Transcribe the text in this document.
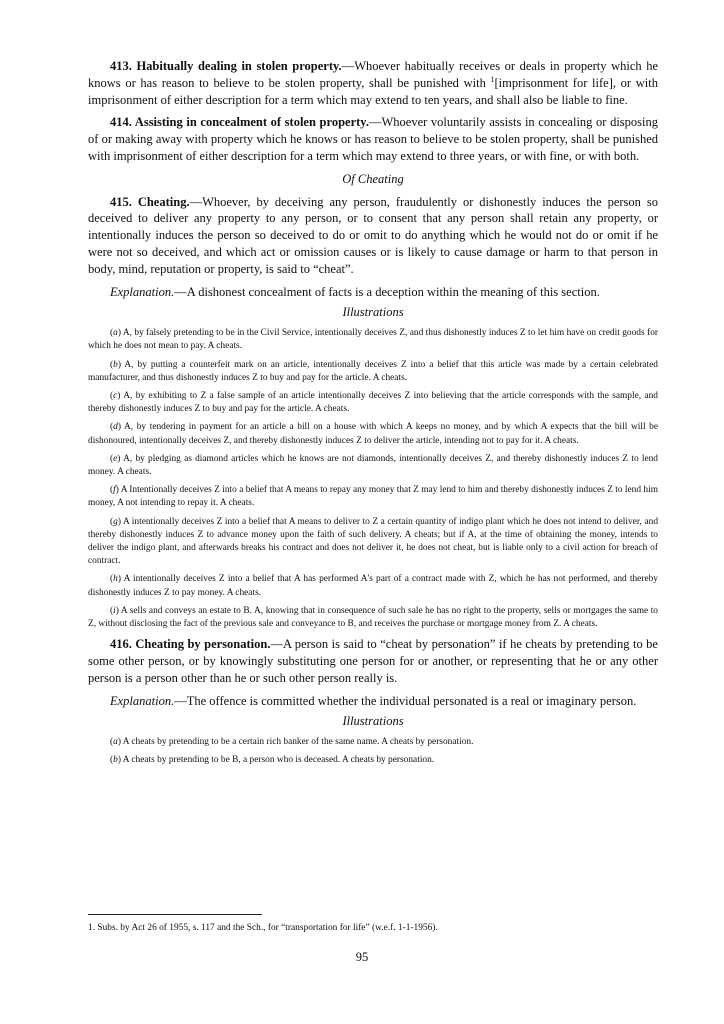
413. Habitually dealing in stolen property.—Whoever habitually receives or deals in property which he knows or has reason to believe to be stolen property, shall be punished with $^1$[imprisonment for life], or with imprisonment of either description for a term which may extend to ten years, and shall also be liable to fine.

414. Assisting in concealment of stolen property.—Whoever voluntarily assists in concealing or disposing of or making away with property which he knows or has reason to believe to be stolen property, shall be punished with imprisonment of either description for a term which may extend to three years, or with fine, or with both.

Of Cheating

415. Cheating.—Whoever, by deceiving any person, fraudulently or dishonestly induces the person so deceived to deliver any property to any person, or to consent that any person shall retain any property, or intentionally induces the person so deceived to do or omit to do anything which he would not do or omit if he were not so deceived, and which act or omission causes or is likely to cause damage or harm to that person in body, mind, reputation or property, is said to “cheat”.

Explanation.—A dishonest concealment of facts is a deception within the meaning of this section.

Illustrations

(a) A, by falsely pretending to be in the Civil Service, intentionally deceives Z, and thus dishonestly induces Z to let him have on credit goods for which he does not mean to pay. A cheats.

(b) A, by putting a counterfeit mark on an article, intentionally deceives Z into a belief that this article was made by a certain celebrated manufacturer, and thus dishonestly induces Z to buy and pay for the article. A cheats.

(c) A, by exhibiting to Z a false sample of an article intentionally deceives Z into believing that the article corresponds with the sample, and thereby dishonestly induces Z to buy and pay for the article. A cheats.

(d) A, by tendering in payment for an article a bill on a house with which A keeps no money, and by which A expects that the bill will be dishonoured, intentionally deceives Z, and thereby dishonestly induces Z to deliver the article, intending not to pay for it. A cheats.

(e) A, by pledging as diamond articles which he knows are not diamonds, intentionally deceives Z, and thereby dishonestly induces Z to lend money. A cheats.

(f) A Intentionally deceives Z into a belief that A means to repay any money that Z may lend to him and thereby dishonestly induces Z to lend him money, A not intending to repay it. A cheats.

(g) A intentionally deceives Z into a belief that A means to deliver to Z a certain quantity of indigo plant which he does not intend to deliver, and thereby dishonestly induces Z to advance money upon the faith of such delivery. A cheats; but if A, at the time of obtaining the money, intends to deliver the indigo plant, and afterwards breaks his contract and does not deliver it, he does not cheat, but is liable only to a civil action for breach of contract.

(h) A intentionally deceives Z into a belief that A has performed A's part of a contract made with Z, which he has not performed, and thereby dishonestly induces Z to pay money. A cheats.

(i) A sells and conveys an estate to B. A, knowing that in consequence of such sale he has no right to the property, sells or mortgages the same to Z, without disclosing the fact of the previous sale and conveyance to B, and receives the purchase or mortgage money from Z. A cheats.

416. Cheating by personation.—A person is said to “cheat by personation” if he cheats by pretending to be some other person, or by knowingly substituting one person for or another, or representing that he or any other person is a person other than he or such other person really is.

Explanation.—The offence is committed whether the individual personated is a real or imaginary person.

Illustrations

(a) A cheats by pretending to be a certain rich banker of the same name. A cheats by personation.

(b) A cheats by pretending to be B, a person who is deceased. A cheats by personation.

1. Subs. by Act 26 of 1955, s. 117 and the Sch., for “transportation for life” (w.e.f. 1-1-1956).
95
